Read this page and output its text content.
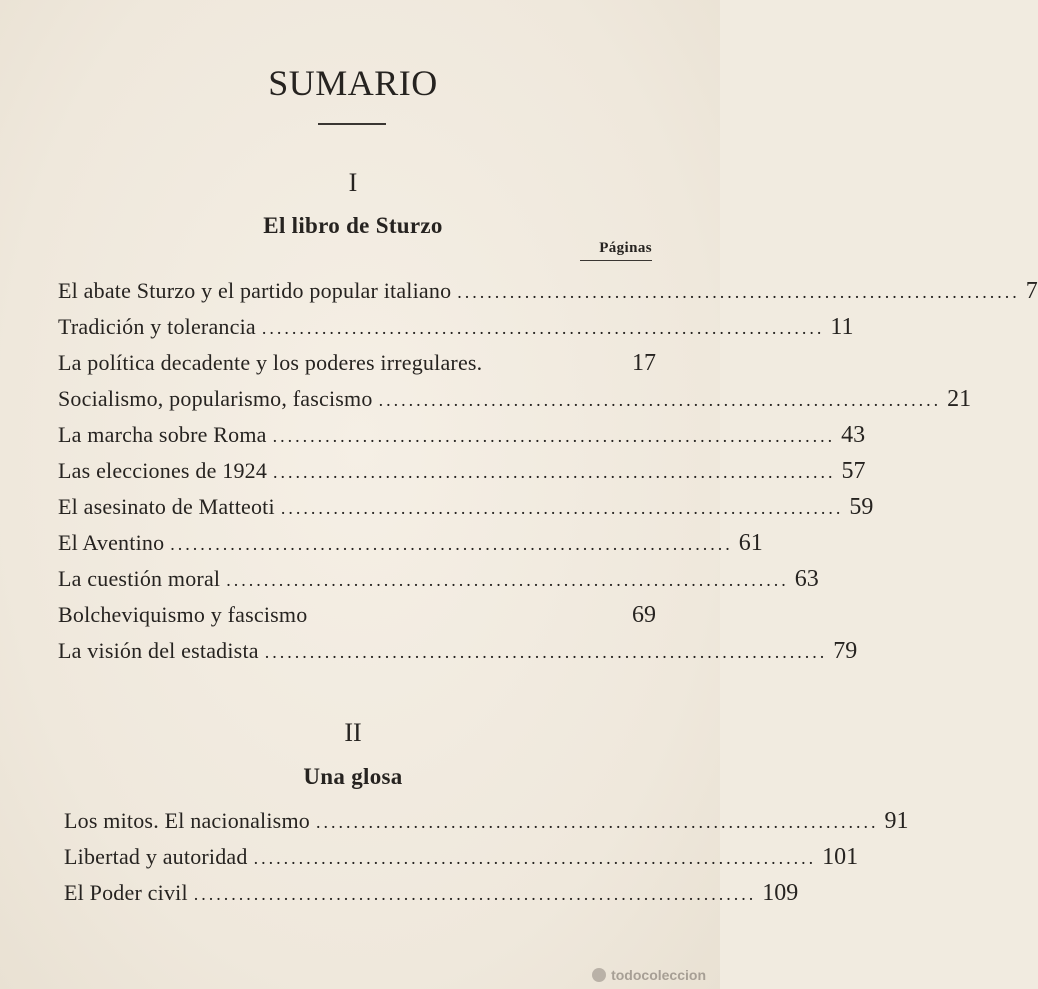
SUMARIO
I
El libro de Sturzo
Páginas
El abate Sturzo y el partido popular italiano ........................................................................... 7
Tradición y tolerancia ........................................................................... 11
La política decadente y los poderes irregulares.	17
Socialismo, popularismo, fascismo ........................................................................... 21
La marcha sobre Roma ........................................................................... 43
Las elecciones de 1924 ........................................................................... 57
El asesinato de Matteoti ........................................................................... 59
El Aventino ........................................................................... 61
La cuestión moral ........................................................................... 63
Bolcheviquismo y fascismo	69
La visión del estadista ........................................................................... 79
II
Una glosa
Los mitos. El nacionalismo ........................................................................... 91
Libertad y autoridad ........................................................................... 101
El Poder civil ........................................................................... 109
todocoleccion
